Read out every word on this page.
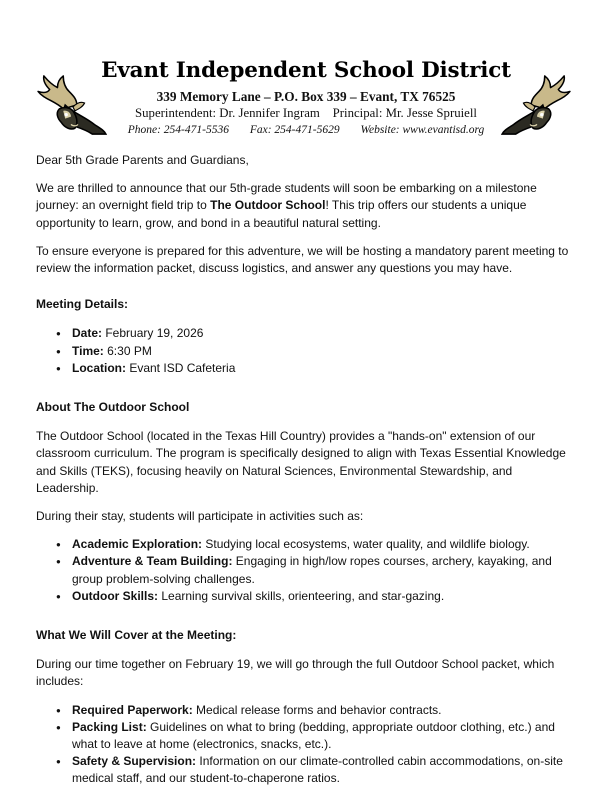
Evant Independent School District
339 Memory Lane – P.O. Box 339 – Evant, TX 76525
Superintendent: Dr. Jennifer Ingram Principal: Mr. Jesse Spruiell
Phone: 254-471-5536 Fax: 254-471-5629 Website: www.evantisd.org

Dear 5th Grade Parents and Guardians,

We are thrilled to announce that our 5th-grade students will soon be embarking on a milestone journey: an overnight field trip to The Outdoor School! This trip offers our students a unique opportunity to learn, grow, and bond in a beautiful natural setting.

To ensure everyone is prepared for this adventure, we will be hosting a mandatory parent meeting to review the information packet, discuss logistics, and answer any questions you may have.

Meeting Details:
● Date: February 19, 2026
● Time: 6:30 PM
● Location: Evant ISD Cafeteria
About The Outdoor School

The Outdoor School (located in the Texas Hill Country) provides a "hands-on" extension of our classroom curriculum. The program is specifically designed to align with Texas Essential Knowledge and Skills (TEKS), focusing heavily on Natural Sciences, Environmental Stewardship, and Leadership.

During their stay, students will participate in activities such as:

● Academic Exploration: Studying local ecosystems, water quality, and wildlife biology.
● Adventure & Team Building: Engaging in high/low ropes courses, archery, kayaking, and group problem-solving challenges.
● Outdoor Skills: Learning survival skills, orienteering, and star-gazing.
What We Will Cover at the Meeting:

During our time together on February 19, we will go through the full Outdoor School packet, which includes:

● Required Paperwork: Medical release forms and behavior contracts.
● Packing List: Guidelines on what to bring (bedding, appropriate outdoor clothing, etc.) and what to leave at home (electronics, snacks, etc.).
● Safety & Supervision: Information on our climate-controlled cabin accommodations, on-site medical staff, and our student-to-chaperone ratios.
